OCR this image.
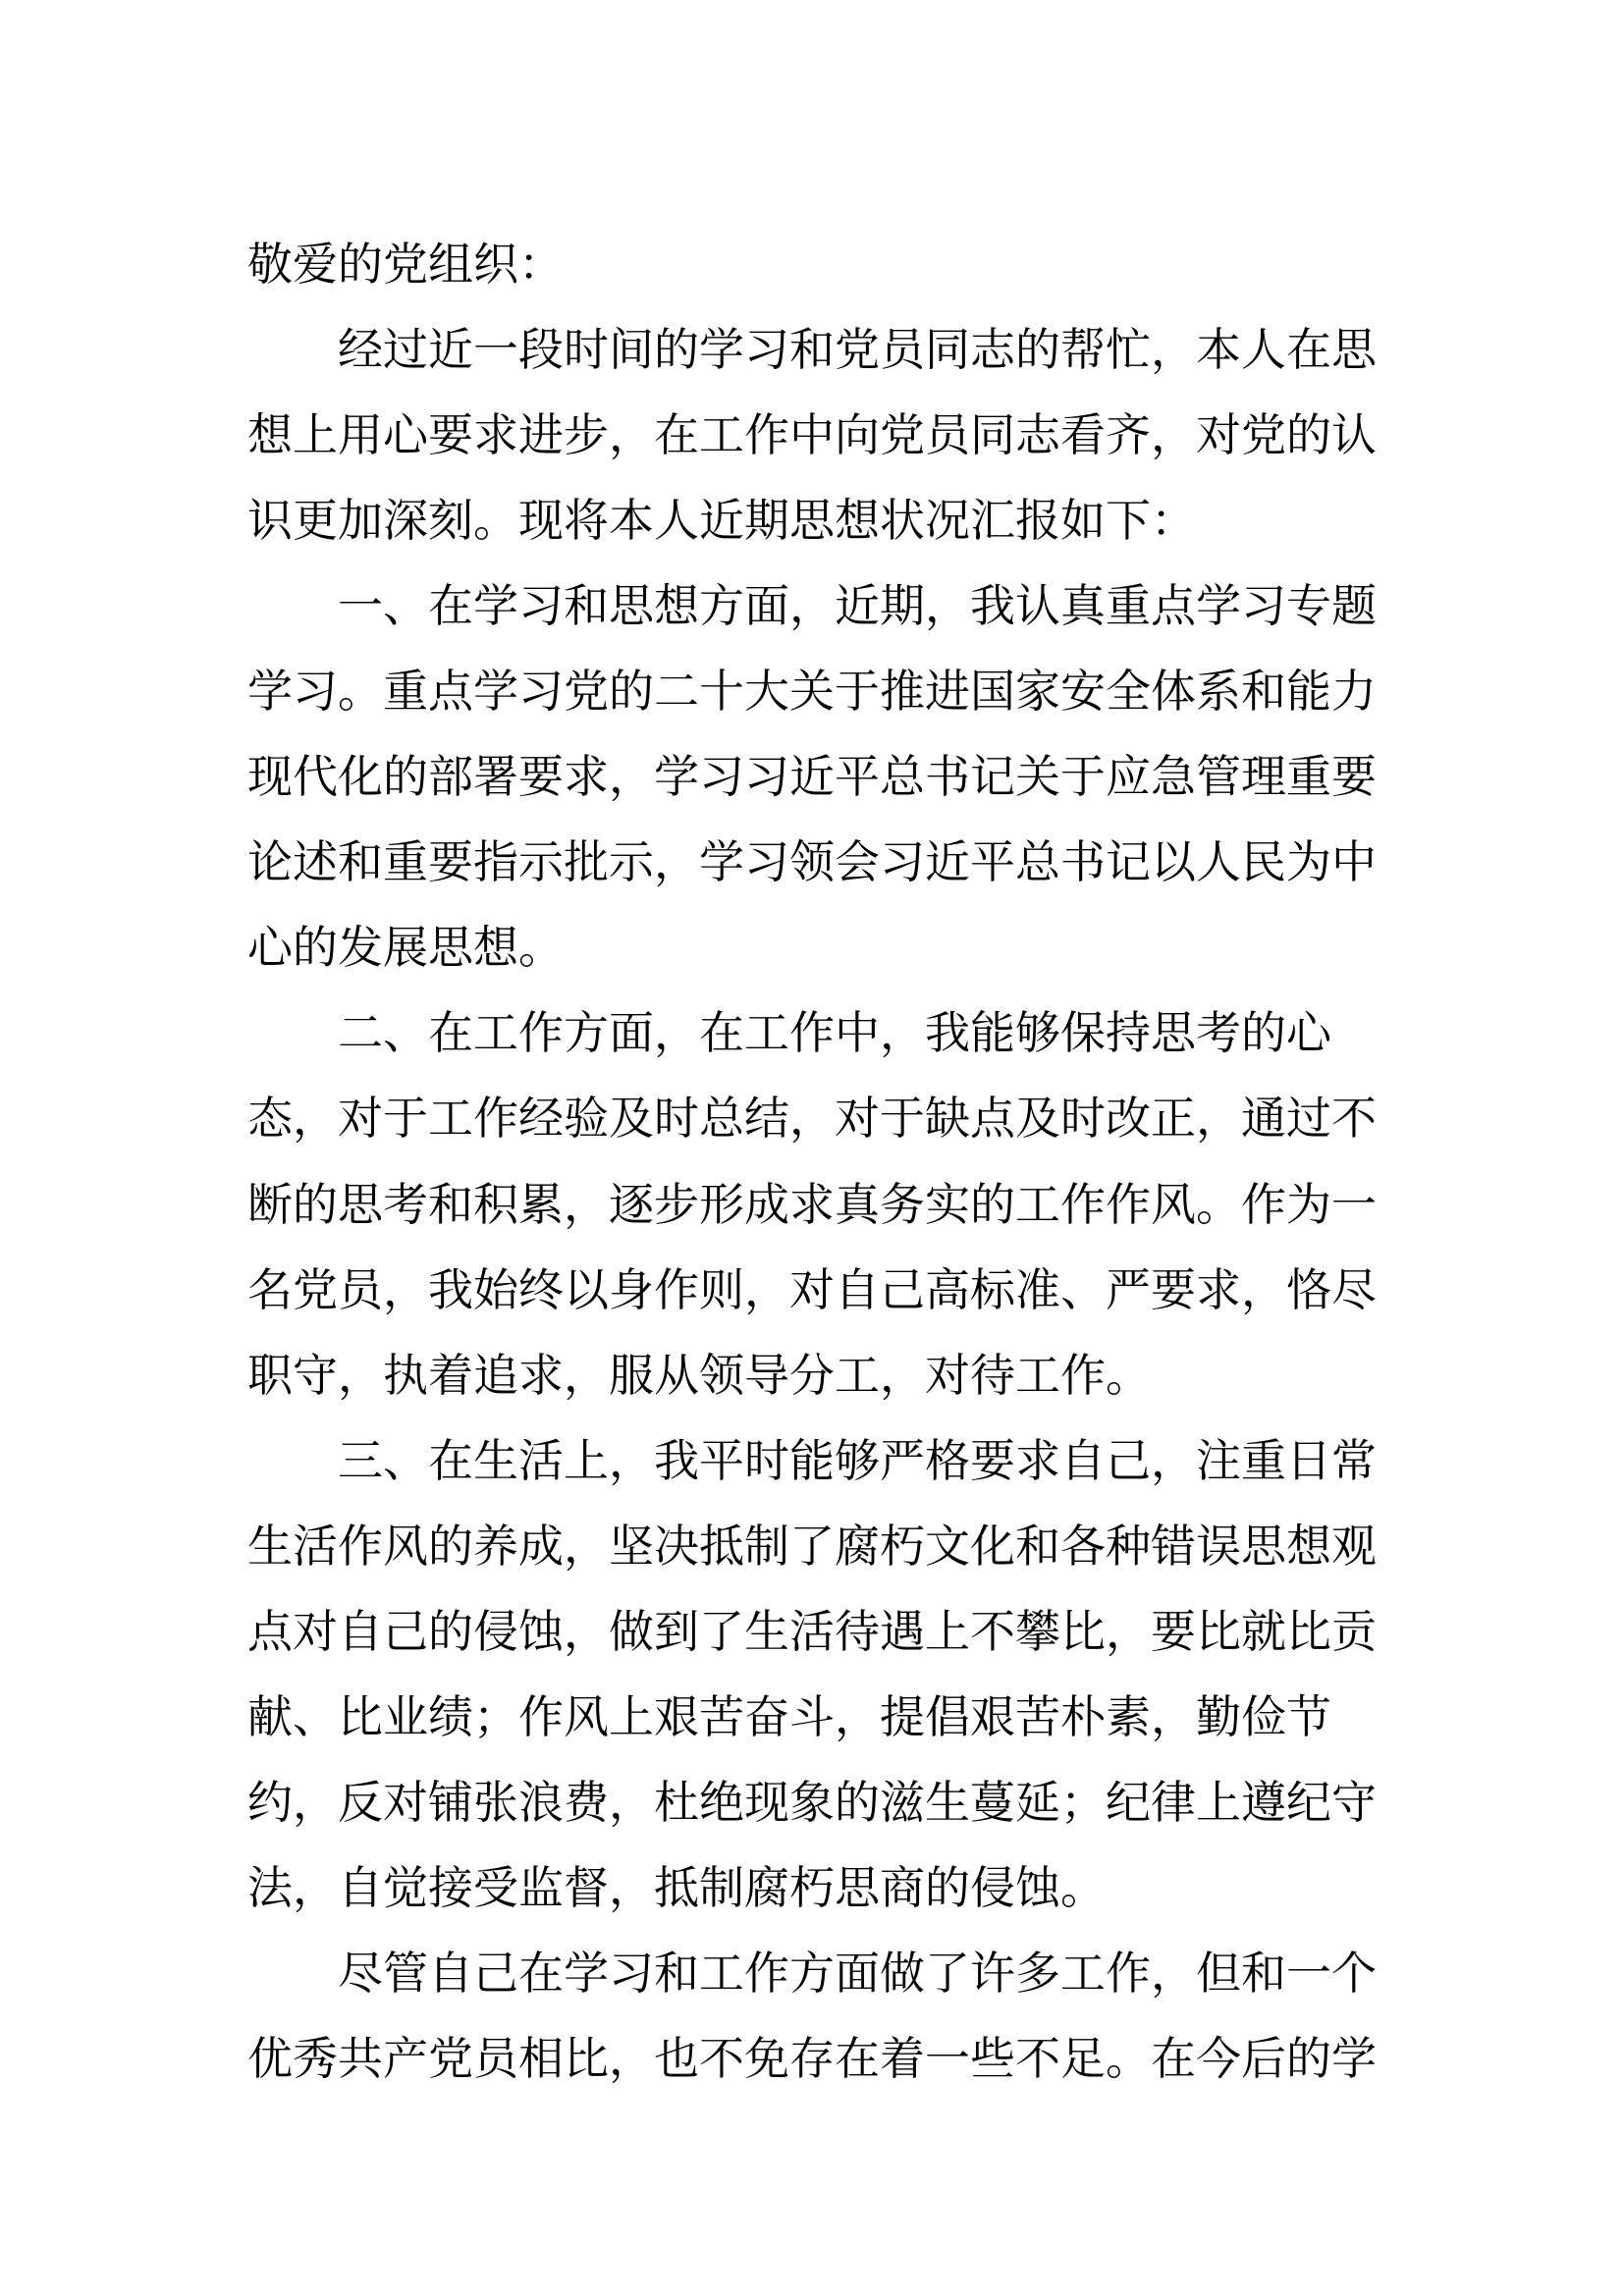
敬爱的党组织：
经过近一段时间的学习和党员同志的帮忙，本人在思
想上用心要求进步，在工作中向党员同志看齐，对党的认
识更加深刻。现将本人近期思想状况汇报如下：
一、在学习和思想方面，近期，我认真重点学习专题
学习。重点学习党的二十大关于推进国家安全体系和能力
现代化的部署要求，学习习近平总书记关于应急管理重要
论述和重要指示批示，学习领会习近平总书记以人民为中
心的发展思想。
二、在工作方面，在工作中，我能够保持思考的心
态，对于工作经验及时总结，对于缺点及时改正，通过不
断的思考和积累，逐步形成求真务实的工作作风。作为一
名党员，我始终以身作则，对自己高标准、严要求，恪尽
职守，执着追求，服从领导分工，对待工作。
三、在生活上，我平时能够严格要求自己，注重日常
生活作风的养成，坚决抵制了腐朽文化和各种错误思想观
点对自己的侵蚀，做到了生活待遇上不攀比，要比就比贡
献、比业绩；作风上艰苦奋斗，提倡艰苦朴素，勤俭节
约，反对铺张浪费，杜绝现象的滋生蔓延；纪律上遵纪守
法，自觉接受监督，抵制腐朽思商的侵蚀。
尽管自己在学习和工作方面做了许多工作，但和一个
优秀共产党员相比，也不免存在着一些不足。在今后的学
